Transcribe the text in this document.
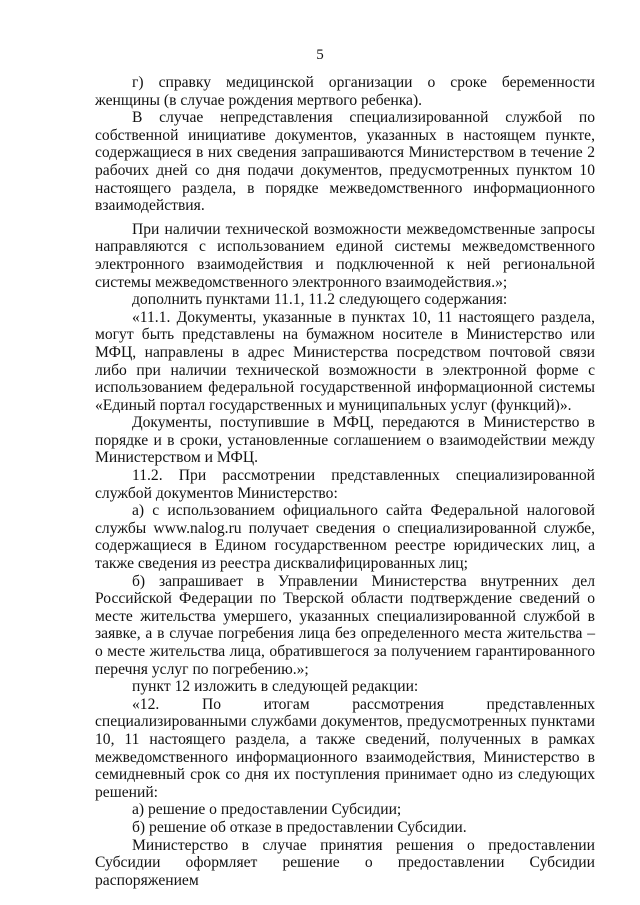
5

г) справку медицинской организации о сроке беременности женщины (в случае рождения мертвого ребенка).

В случае непредставления специализированной службой по собственной инициативе документов, указанных в настоящем пункте, содержащиеся в них сведения запрашиваются Министерством в течение 2 рабочих дней со дня подачи документов, предусмотренных пунктом 10 настоящего раздела, в порядке межведомственного информационного взаимодействия.

При наличии технической возможности межведомственные запросы направляются с использованием единой системы межведомственного электронного взаимодействия и подключенной к ней региональной системы межведомственного электронного взаимодействия.»;

дополнить пунктами 11.1, 11.2 следующего содержания:

«11.1. Документы, указанные в пунктах 10, 11 настоящего раздела, могут быть представлены на бумажном носителе в Министерство или МФЦ, направлены в адрес Министерства посредством почтовой связи либо при наличии технической возможности в электронной форме с использованием федеральной государственной информационной системы «Единый портал государственных и муниципальных услуг (функций)».

Документы, поступившие в МФЦ, передаются в Министерство в порядке и в сроки, установленные соглашением о взаимодействии между Министерством и МФЦ.

11.2. При рассмотрении представленных специализированной службой документов Министерство:

а) с использованием официального сайта Федеральной налоговой службы www.nalog.ru получает сведения о специализированной службе, содержащиеся в Едином государственном реестре юридических лиц, а также сведения из реестра дисквалифицированных лиц;

б) запрашивает в Управлении Министерства внутренних дел Российской Федерации по Тверской области подтверждение сведений о месте жительства умершего, указанных специализированной службой в заявке, а в случае погребения лица без определенного места жительства – о месте жительства лица, обратившегося за получением гарантированного перечня услуг по погребению.»;

пункт 12 изложить в следующей редакции:

«12. По итогам рассмотрения представленных специализированными службами документов, предусмотренных пунктами 10, 11 настоящего раздела, а также сведений, полученных в рамках межведомственного информационного взаимодействия, Министерство в семидневный срок со дня их поступления принимает одно из следующих решений:

а) решение о предоставлении Субсидии;

б) решение об отказе в предоставлении Субсидии.

Министерство в случае принятия решения о предоставлении Субсидии оформляет решение о предоставлении Субсидии распоряжением
